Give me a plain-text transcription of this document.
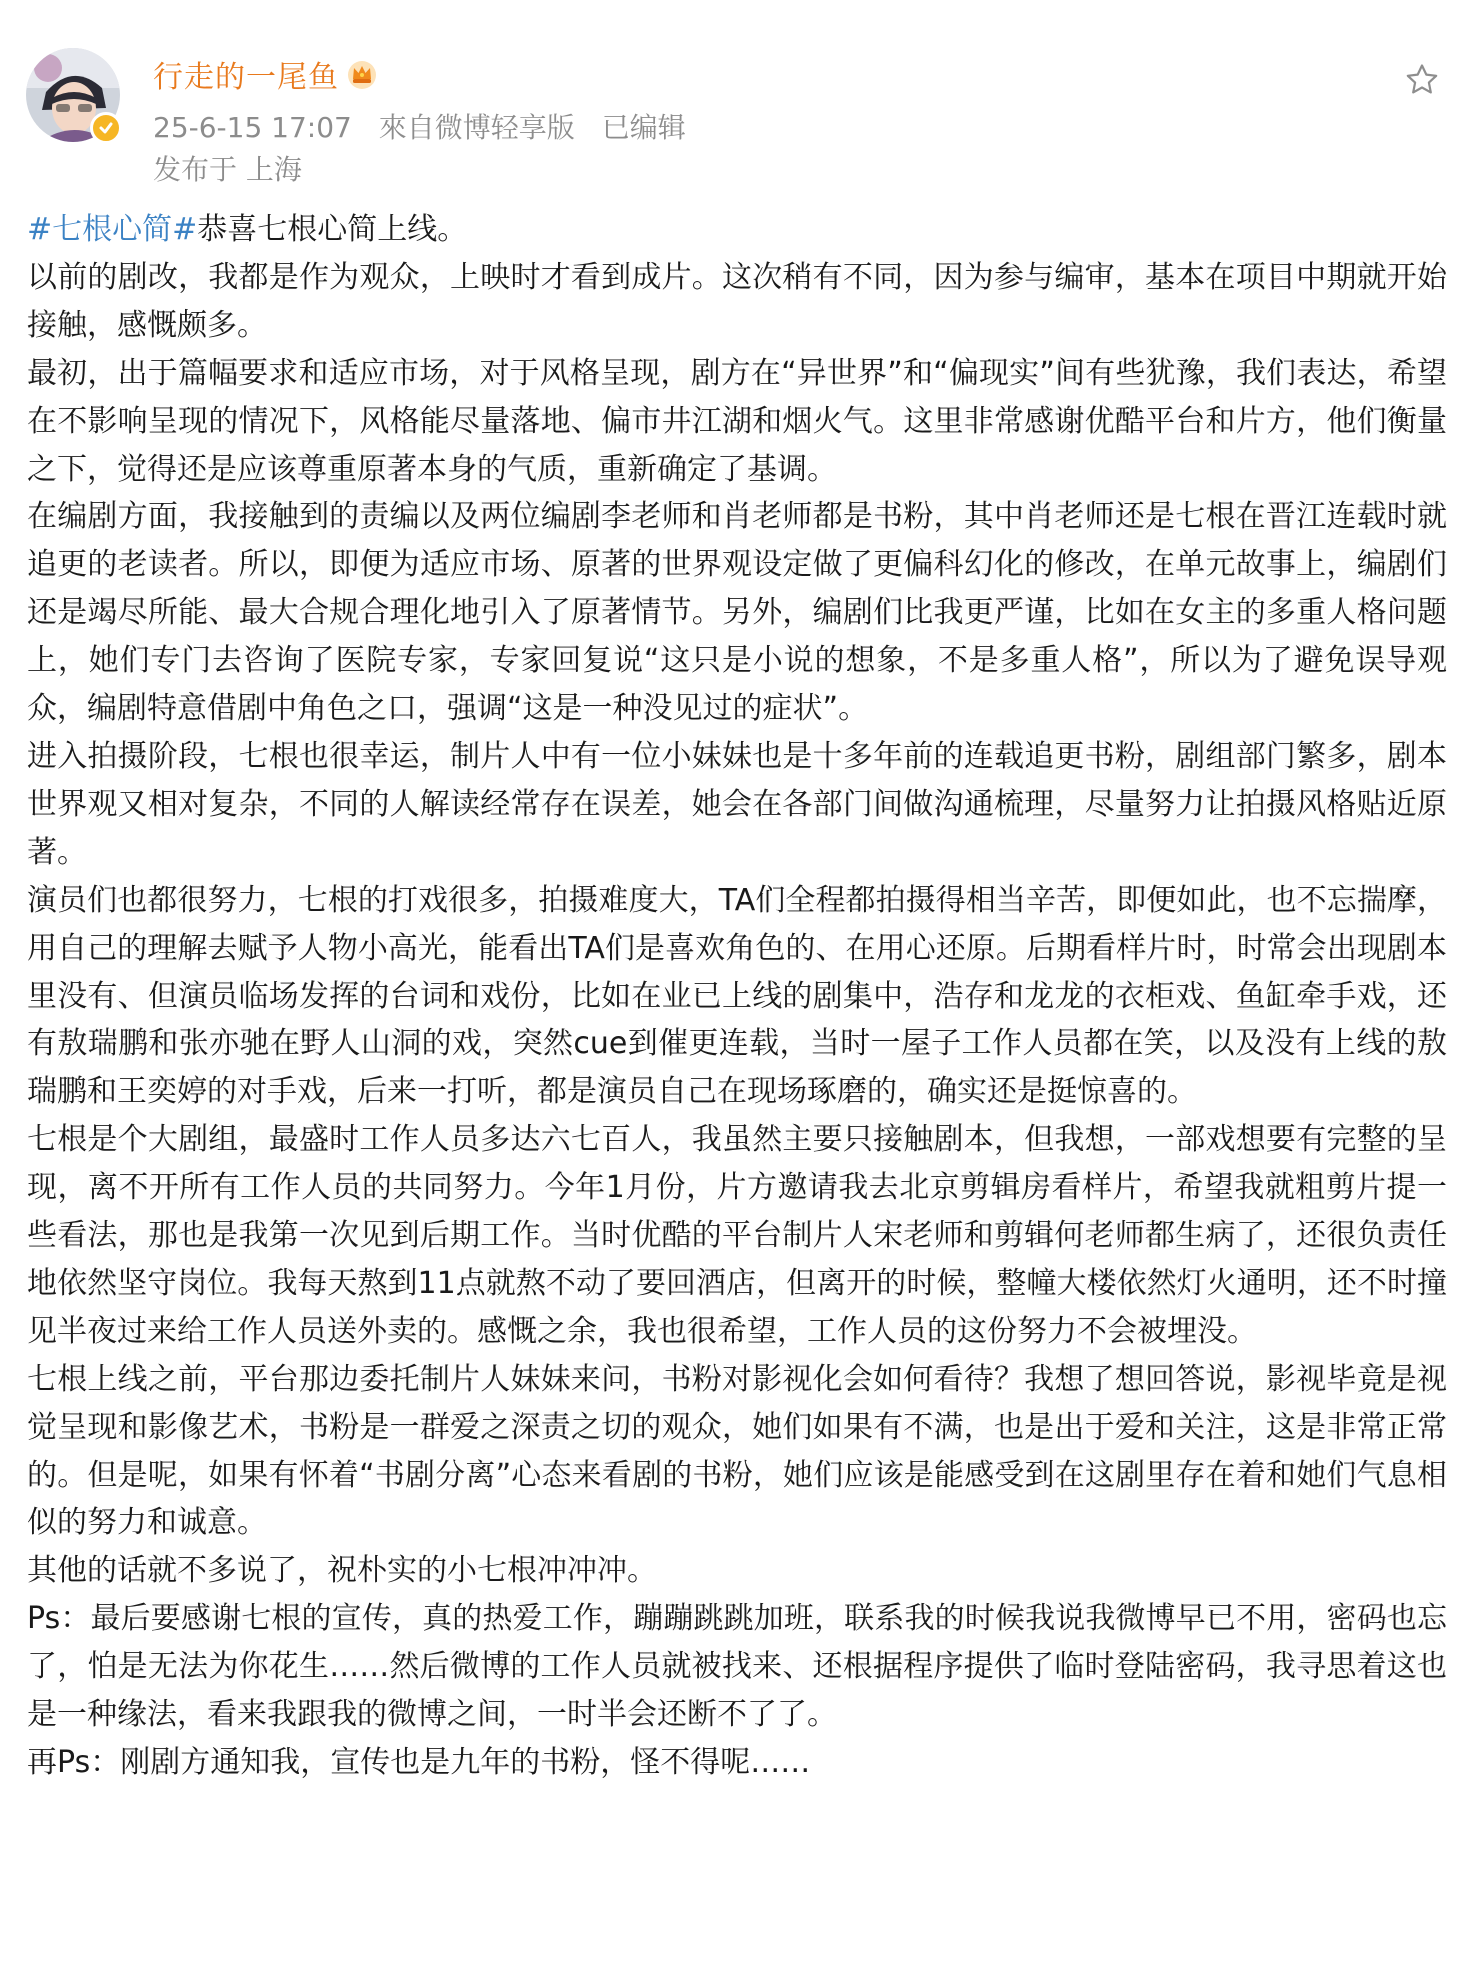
行走的一尾鱼
25-6-15 17:07 來自微博轻享版 已编辑
发布于 上海

#七根心简#恭喜七根心简上线。

以前的剧改，我都是作为观众，上映时才看到成片。这次稍有不同，因为参与编审，基本在项目中期就开始接触，感慨颇多。

最初，出于篇幅要求和适应市场，对于风格呈现，剧方在“异世界”和“偏现实”间有些犹豫，我们表达，希望在不影响呈现的情况下，风格能尽量落地、偏市井江湖和烟火气。这里非常感谢优酷平台和片方，他们衡量之下，觉得还是应该尊重原著本身的气质，重新确定了基调。

在编剧方面，我接触到的责编以及两位编剧李老师和肖老师都是书粉，其中肖老师还是七根在晋江连载时就追更的老读者。所以，即便为适应市场、原著的世界观设定做了更偏科幻化的修改，在单元故事上，编剧们还是竭尽所能、最大合规合理化地引入了原著情节。另外，编剧们比我更严谨，比如在女主的多重人格问题上，她们专门去咨询了医院专家，专家回复说“这只是小说的想象，不是多重人格”，所以为了避免误导观众，编剧特意借剧中角色之口，强调“这是一种没见过的症状”。

进入拍摄阶段，七根也很幸运，制片人中有一位小妹妹也是十多年前的连载追更书粉，剧组部门繁多，剧本世界观又相对复杂，不同的人解读经常存在误差，她会在各部门间做沟通梳理，尽量努力让拍摄风格贴近原著。

演员们也都很努力，七根的打戏很多，拍摄难度大，TA们全程都拍摄得相当辛苦，即便如此，也不忘揣摩，用自己的理解去赋予人物小高光，能看出TA们是喜欢角色的、在用心还原。后期看样片时，时常会出现剧本里没有、但演员临场发挥的台词和戏份，比如在业已上线的剧集中，浩存和龙龙的衣柜戏、鱼缸牵手戏，还有敖瑞鹏和张亦驰在野人山洞的戏，突然cue到催更连载，当时一屋子工作人员都在笑，以及没有上线的敖瑞鹏和王奕婷的对手戏，后来一打听，都是演员自己在现场琢磨的，确实还是挺惊喜的。

七根是个大剧组，最盛时工作人员多达六七百人，我虽然主要只接触剧本，但我想，一部戏想要有完整的呈现，离不开所有工作人员的共同努力。今年1月份，片方邀请我去北京剪辑房看样片，希望我就粗剪片提一些看法，那也是我第一次见到后期工作。当时优酷的平台制片人宋老师和剪辑何老师都生病了，还很负责任地依然坚守岗位。我每天熬到11点就熬不动了要回酒店，但离开的时候，整幢大楼依然灯火通明，还不时撞见半夜过来给工作人员送外卖的。感慨之余，我也很希望，工作人员的这份努力不会被埋没。

七根上线之前，平台那边委托制片人妹妹来问，书粉对影视化会如何看待？我想了想回答说，影视毕竟是视觉呈现和影像艺术，书粉是一群爱之深责之切的观众，她们如果有不满，也是出于爱和关注，这是非常正常的。但是呢，如果有怀着“书剧分离”心态来看剧的书粉，她们应该是能感受到在这剧里存在着和她们气息相似的努力和诚意。

其他的话就不多说了，祝朴实的小七根冲冲冲。

Ps：最后要感谢七根的宣传，真的热爱工作，蹦蹦跳跳加班，联系我的时候我说我微博早已不用，密码也忘了，怕是无法为你花生……然后微博的工作人员就被找来、还根据程序提供了临时登陆密码，我寻思着这也是一种缘法，看来我跟我的微博之间，一时半会还断不了了。

再Ps：刚剧方通知我，宣传也是九年的书粉，怪不得呢……
